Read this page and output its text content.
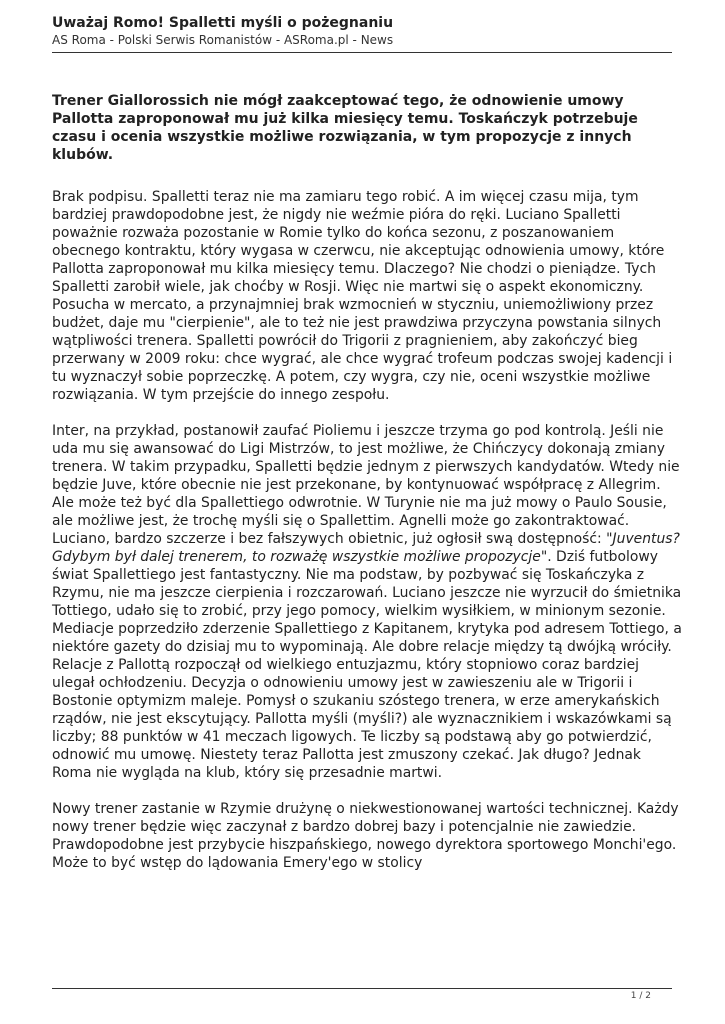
Uważaj Romo! Spalletti myśli o pożegnaniu
AS Roma - Polski Serwis Romanistów - ASRoma.pl - News

Trener Giallorossich nie mógł zaakceptować tego, że odnowienie umowy Pallotta zaproponował mu już kilka miesięcy temu. Toskańczyk potrzebuje czasu i ocenia wszystkie możliwe rozwiązania, w tym propozycje z innych klubów.

Brak podpisu. Spalletti teraz nie ma zamiaru tego robić. A im więcej czasu mija, tym bardziej prawdopodobne jest, że nigdy nie weźmie pióra do ręki. Luciano Spalletti poważnie rozważa pozostanie w Romie tylko do końca sezonu, z poszanowaniem obecnego kontraktu, który wygasa w czerwcu, nie akceptując odnowienia umowy, które Pallotta zaproponował mu kilka miesięcy temu. Dlaczego? Nie chodzi o pieniądze. Tych Spalletti zarobił wiele, jak choćby w Rosji. Więc nie martwi się o aspekt ekonomiczny. Posucha w mercato, a przynajmniej brak wzmocnień w styczniu, uniemożliwiony przez budżet, daje mu "cierpienie", ale to też nie jest prawdziwa przyczyna powstania silnych wątpliwości trenera. Spalletti powrócił do Trigorii z pragnieniem, aby zakończyć bieg przerwany w 2009 roku: chce wygrać, ale chce wygrać trofeum podczas swojej kadencji i tu wyznaczył sobie poprzeczkę. A potem, czy wygra, czy nie, oceni wszystkie możliwe rozwiązania. W tym przejście do innego zespołu.

Inter, na przykład, postanowił zaufać Pioliemu i jeszcze trzyma go pod kontrolą. Jeśli nie uda mu się awansować do Ligi Mistrzów, to jest możliwe, że Chińczycy dokonają zmiany trenera. W takim przypadku, Spalletti będzie jednym z pierwszych kandydatów. Wtedy nie będzie Juve, które obecnie nie jest przekonane, by kontynuować współpracę z Allegrim. Ale może też być dla Spallettiego odwrotnie. W Turynie nie ma już mowy o Paulo Sousie, ale możliwe jest, że trochę myśli się o Spallettim. Agnelli może go zakontraktować. Luciano, bardzo szczerze i bez fałszywych obietnic, już ogłosił swą dostępność: "Juventus? Gdybym był dalej trenerem, to rozważę wszystkie możliwe propozycje". Dziś futbolowy świat Spallettiego jest fantastyczny. Nie ma podstaw, by pozbywać się Toskańczyka z Rzymu, nie ma jeszcze cierpienia i rozczarowań. Luciano jeszcze nie wyrzucił do śmietnika Tottiego, udało się to zrobić, przy jego pomocy, wielkim wysiłkiem, w minionym sezonie. Mediacje poprzedziło zderzenie Spallettiego z Kapitanem, krytyka pod adresem Tottiego, a niektóre gazety do dzisiaj mu to wypominają. Ale dobre relacje między tą dwójką wróciły. Relacje z Pallottą rozpoczął od wielkiego entuzjazmu, który stopniowo coraz bardziej ulegał ochłodzeniu. Decyzja o odnowieniu umowy jest w zawieszeniu ale w Trigorii i Bostonie optymizm maleje. Pomysł o szukaniu szóstego trenera, w erze amerykańskich rządów, nie jest ekscytujący. Pallotta myśli (myśli?) ale wyznacznikiem i wskazówkami są liczby; 88 punktów w 41 meczach ligowych. Te liczby są podstawą aby go potwierdzić, odnowić mu umowę. Niestety teraz Pallotta jest zmuszony czekać. Jak długo? Jednak Roma nie wygląda na klub, który się przesadnie martwi.

Nowy trener zastanie w Rzymie drużynę o niekwestionowanej wartości technicznej. Każdy nowy trener będzie więc zaczynał z bardzo dobrej bazy i potencjalnie nie zawiedzie. Prawdopodobne jest przybycie hiszpańskiego, nowego dyrektora sportowego Monchi'ego. Może to być wstęp do lądowania Emery'ego w stolicy

1 / 2
